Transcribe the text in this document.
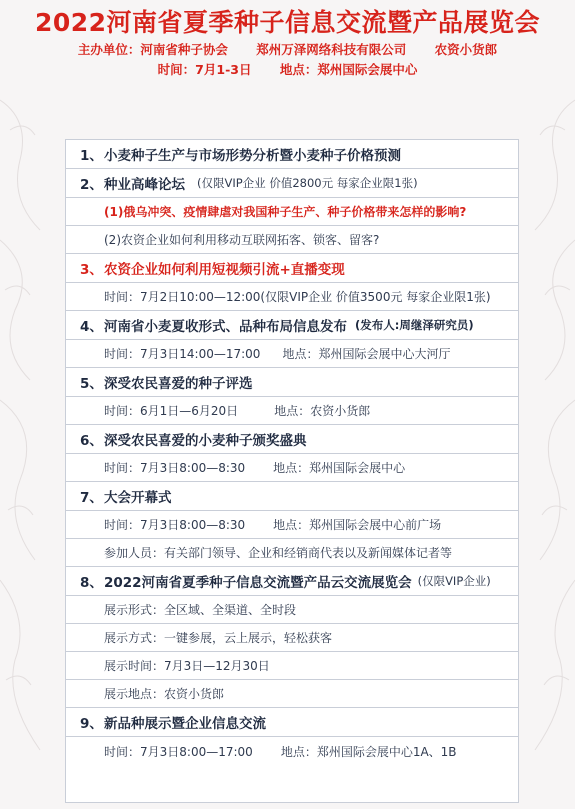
2022河南省夏季种子信息交流暨产品展览会
主办单位：河南省种子协会 郑州万泽网络科技有限公司 农资小货郎
时间：7月1-3日 地点：郑州国际会展中心
1、 小麦种子生产与市场形势分析暨小麦种子价格预测
2、 种业高峰论坛 (仅限VIP企业 价值2800元 每家企业限1张)
(1)俄乌冲突、疫情肆虐对我国种子生产、种子价格带来怎样的影响?
(2)农资企业如何利用移动互联网拓客、锁客、留客?
3、 农资企业如何利用短视频引流+直播变现
时间：7月2日10:00—12:00(仅限VIP企业 价值3500元 每家企业限1张)
4、 河南省小麦夏收形式、品种布局信息发布 (发布人:周继泽研究员)
时间：7月3日14:00—17:00 地点：郑州国际会展中心大河厅
5、 深受农民喜爱的种子评选
时间：6月1日—6月20日	地点：农资小货郎
6、 深受农民喜爱的小麦种子颁奖盛典
时间：7月3日8:00—8:30 地点：郑州国际会展中心
7、 大会开幕式
时间：7月3日8:00—8:30 地点：郑州国际会展中心前广场
参加人员：有关部门领导、企业和经销商代表以及新闻媒体记者等
8、 2022河南省夏季种子信息交流暨产品云交流展览会 (仅限VIP企业)
展示形式：全区域、全渠道、全时段
展示方式：一键参展，云上展示，轻松获客
展示时间：7月3日—12月30日
展示地点：农资小货郎
9、 新品种展示暨企业信息交流
时间：7月3日8:00—17:00 地点：郑州国际会展中心1A、1B
